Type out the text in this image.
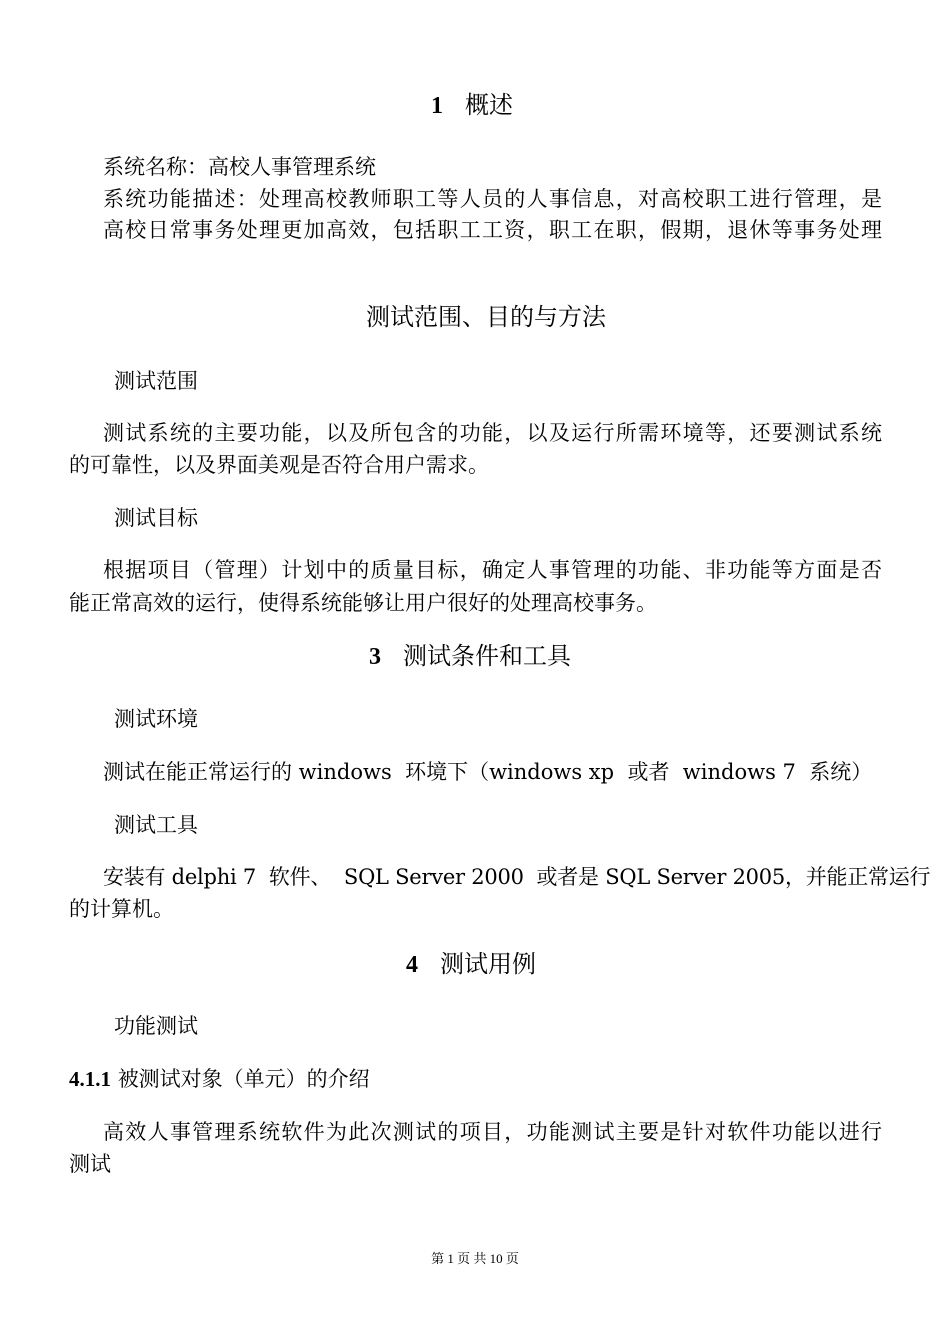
1 概述
系统名称：高校人事管理系统
系统功能描述：处理高校教师职工等人员的人事信息，对高校职工进行管理，是
高校日常事务处理更加高效，包括职工工资，职工在职，假期，退休等事务处理
测试范围、目的与方法
测试范围
测试系统的主要功能，以及所包含的功能，以及运行所需环境等，还要测试系统
的可靠性，以及界面美观是否符合用户需求。
测试目标
根据项目（管理）计划中的质量目标，确定人事管理的功能、非功能等方面是否
能正常高效的运行，使得系统能够让用户很好的处理高校事务。
3 测试条件和工具
测试环境
测试在能正常运行的 windows  环境下（windows xp  或者  windows 7  系统）
测试工具
安装有 delphi 7  软件、  SQL Server 2000  或者是 SQL Server 2005，并能正常运行
的计算机。
4 测试用例
功能测试
4.1.1 被测试对象（单元）的介绍
高效人事管理系统软件为此次测试的项目，功能测试主要是针对软件功能以进行
测试
第 1 页 共 10 页
